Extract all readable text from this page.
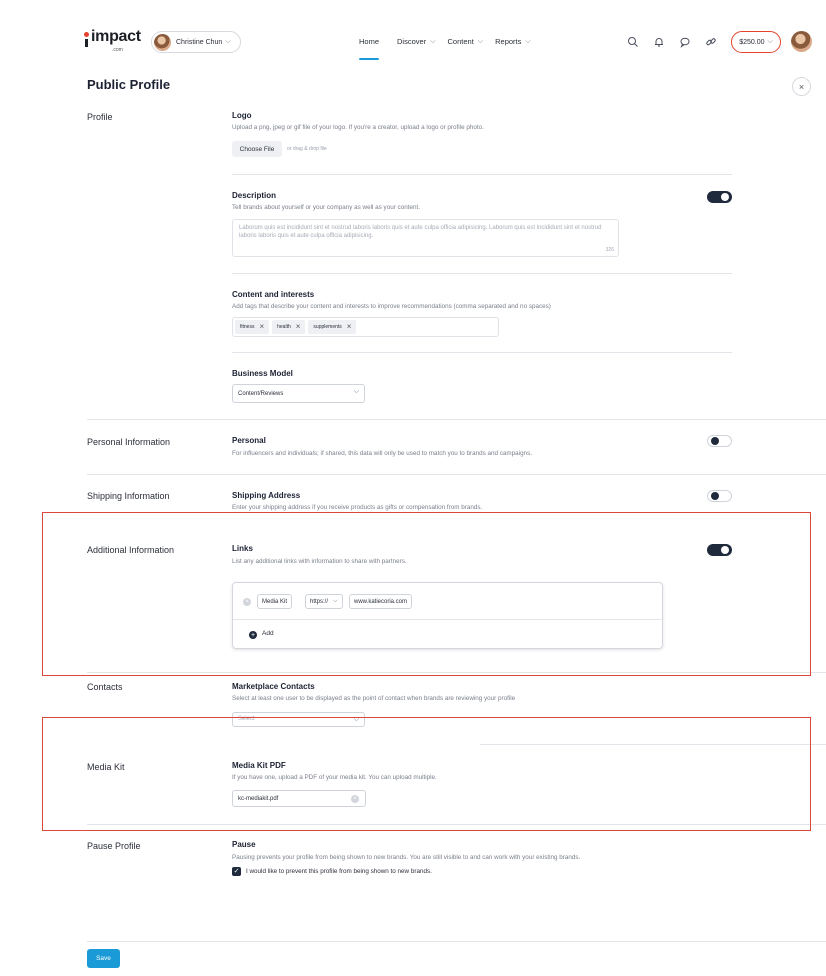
impact
.com
Christine Chun ⌵	Home Discover ⌵ Content ⌵ Reports ⌵	$250.00 ⌵
Public Profile	×
Profile	Logo
Upload a png, jpeg or gif file of your logo. If you're a creator, upload a logo or profile photo.
Choose File	or drag & drop file
Description
Tell brands about yourself or your company as well as your content.
Laborum quis est incididunt sint et nostrud laboris laboris quis et aute culpa officia adipisicing. Laborum quis est incididunt sint et nostrud laboris laboris quis et aute culpa officia adipisicing.
326
Content and interests
Add tags that describe your content and interests to improve recommendations (comma separated and no spaces)
fitness ×	health ×	supplements ×
Business Model
Content/Reviews	⌵
Personal Information	Personal
For influencers and individuals; if shared, this data will only be used to match you to brands and campaigns.
Shipping Information	Shipping Address
Enter your shipping address if you receive products as gifts or compensation from brands.
Additional Information	Links
List any additional links with information to share with partners.
×	Media Kit	https:// ⌵	www.katiecoria.com
+	Add
Contacts	Marketplace Contacts
Select at least one user to be displayed as the point of contact when brands are reviewing your profile
Select	⌵
Media Kit	Media Kit PDF
If you have one, upload a PDF of your media kit. You can upload multiple.
kc-mediakit.pdf	×
Pause Profile	Pause
Pausing prevents your profile from being shown to new brands. You are still visible to and can work with your existing brands.
✓ I would like to prevent this profile from being shown to new brands.
Save
